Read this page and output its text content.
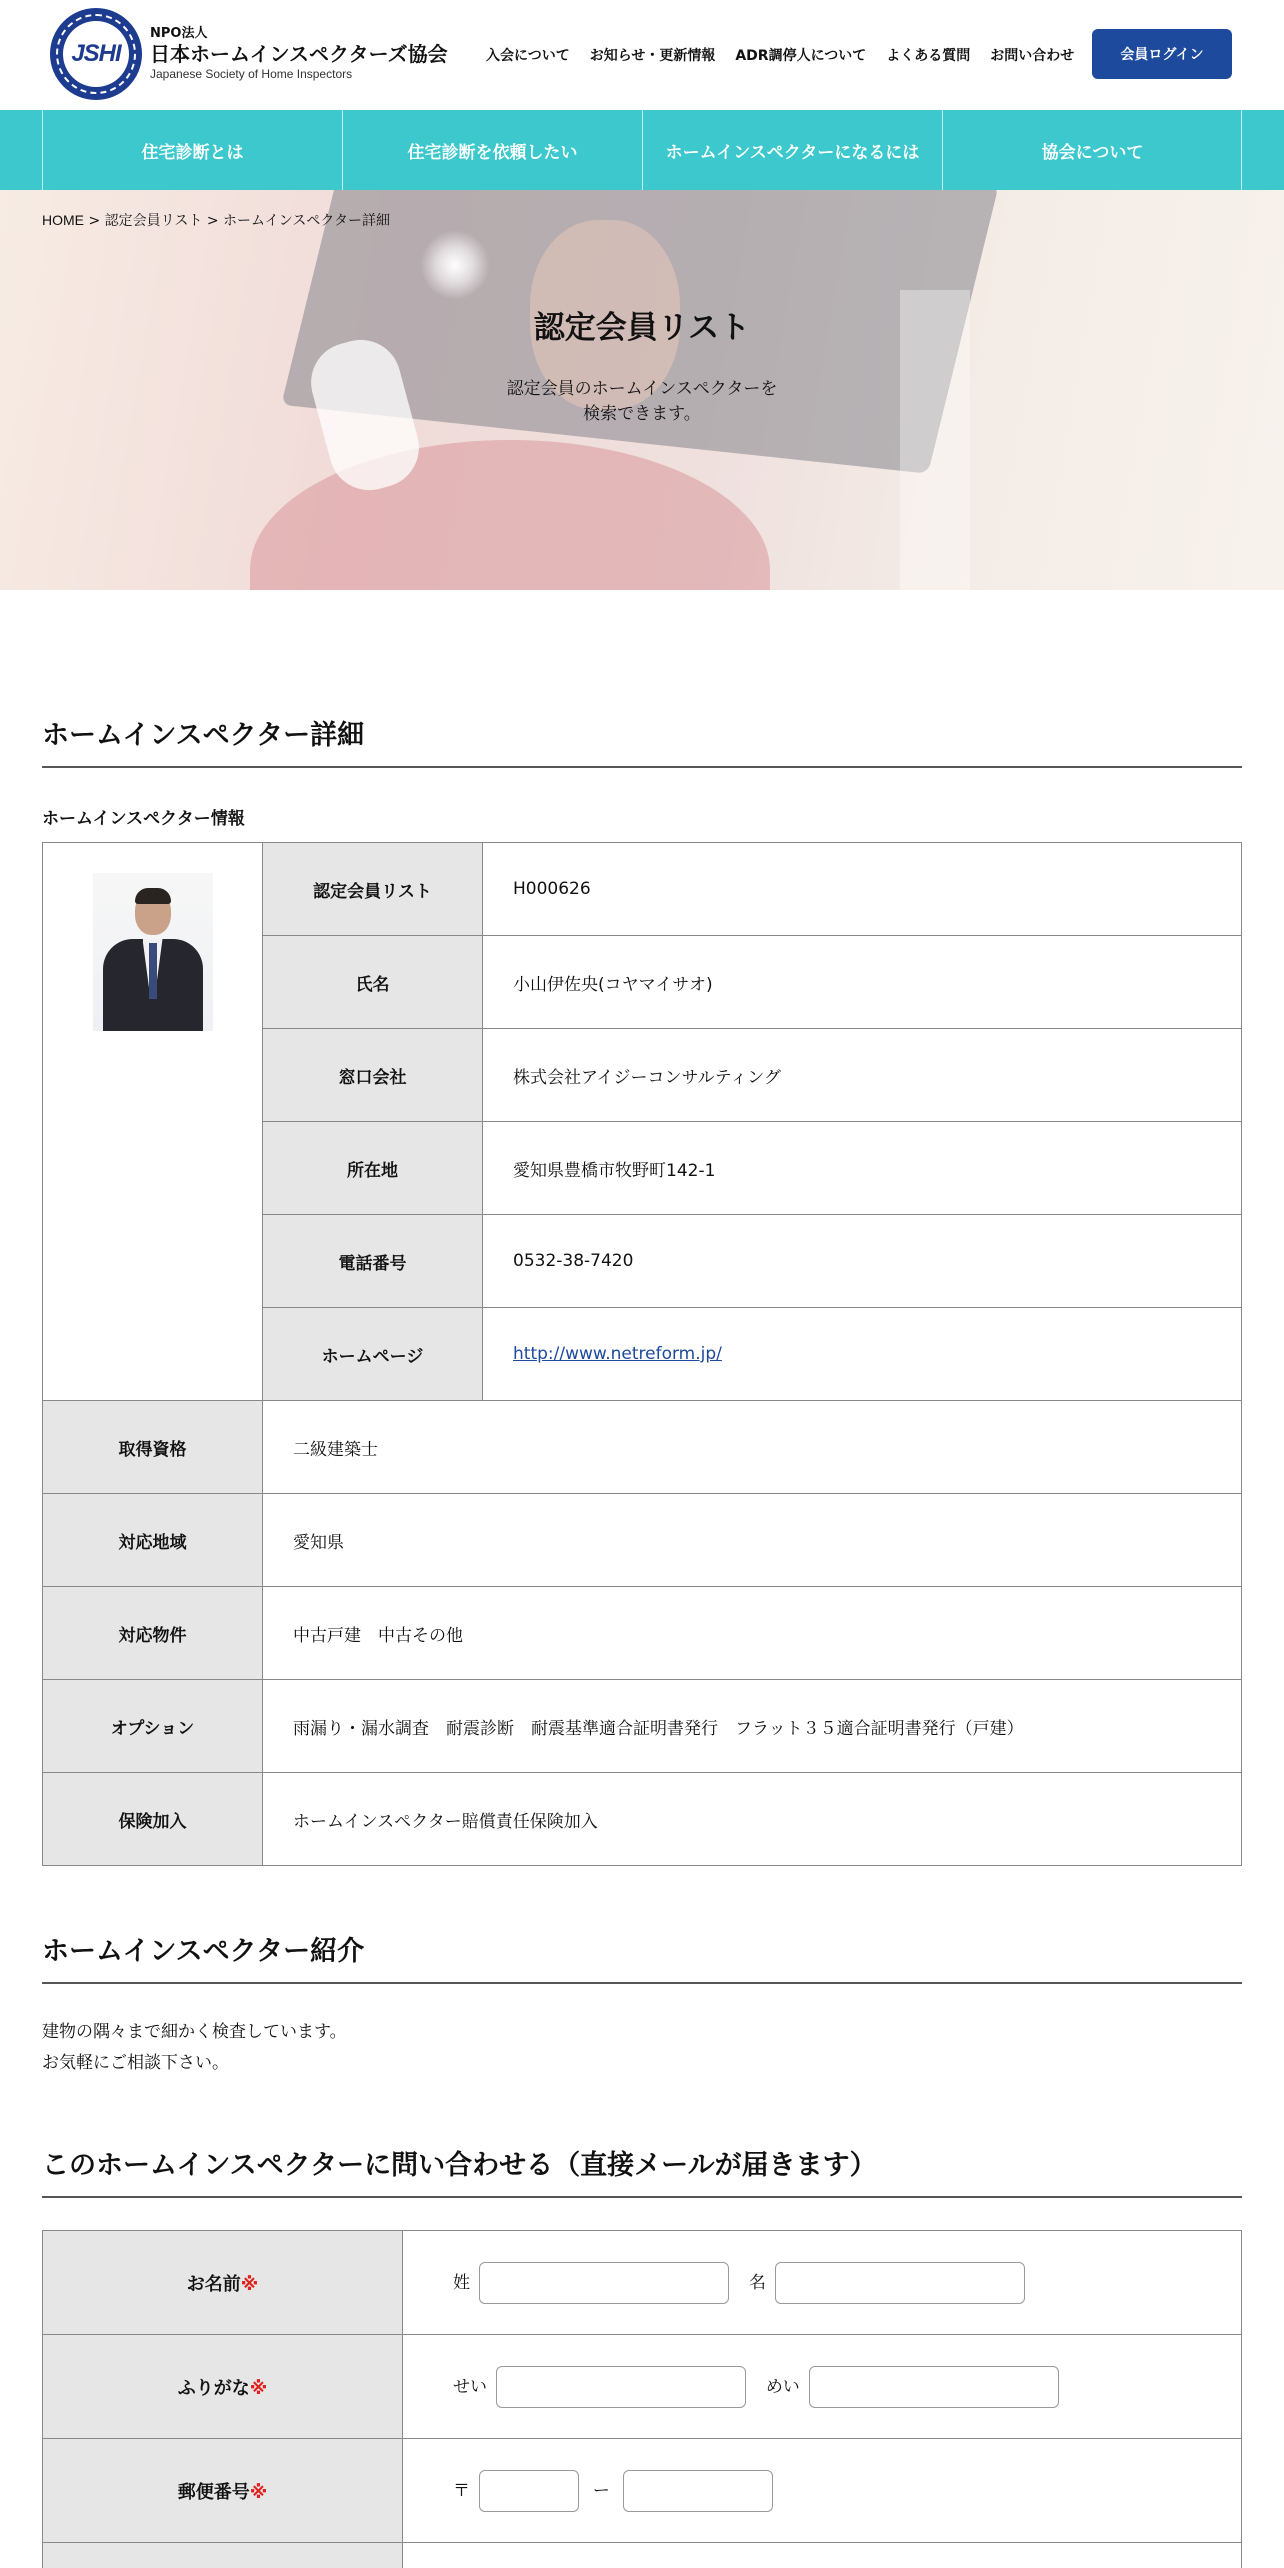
JSHI
NPO法人
日本ホームインスペクターズ協会
Japanese Society of Home Inspectors
入会について お知らせ・更新情報 ADR調停人について よくある質問 お問い合わせ	会員ログイン
住宅診断とは	住宅診断を依頼したい	ホームインスペクターになるには	協会について
HOME > 認定会員リスト > ホームインスペクター詳細
認定会員リスト
認定会員のホームインスペクターを
検索できます。
ホームインスペクター詳細
ホームインスペクター情報
	認定会員リスト	H000626
	氏名	小山伊佐央(コヤマイサオ)
	窓口会社	株式会社アイジーコンサルティング
	所在地	愛知県豊橋市牧野町142-1
	電話番号	0532-38-7420
	ホームページ	http://www.netreform.jp/
取得資格	二級建築士	
対応地域	愛知県	
対応物件	中古戸建　中古その他	
オプション	雨漏り・漏水調査　耐震診断　耐震基準適合証明書発行　フラット３５適合証明書発行（戸建）	
保険加入	ホームインスペクター賠償責任保険加入	
ホームインスペクター紹介
建物の隅々まで細かく検査しています。
お気軽にご相談下さい。
このホームインスペクターに問い合わせる（直接メールが届きます）
お名前※	姓 名
ふりがな※	せい めい
郵便番号※	〒 ー
